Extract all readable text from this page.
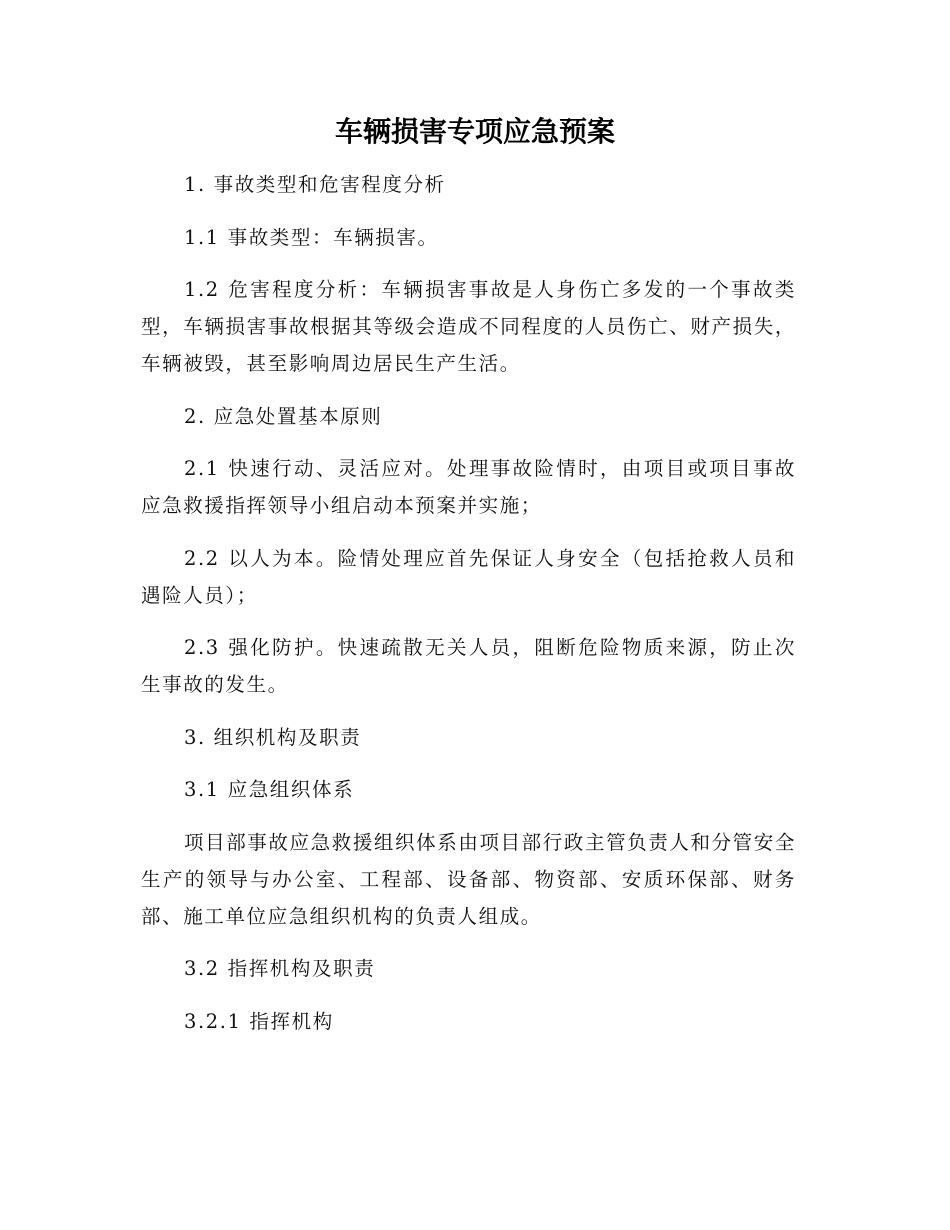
车辆损害专项应急预案

1. 事故类型和危害程度分析

1.1 事故类型：车辆损害。

1.2 危害程度分析：车辆损害事故是人身伤亡多发的一个事故类型，车辆损害事故根据其等级会造成不同程度的人员伤亡、财产损失，车辆被毁，甚至影响周边居民生产生活。

2. 应急处置基本原则

2.1 快速行动、灵活应对。处理事故险情时，由项目或项目事故应急救援指挥领导小组启动本预案并实施；

2.2 以人为本。险情处理应首先保证人身安全（包括抢救人员和遇险人员）；

2.3 强化防护。快速疏散无关人员，阻断危险物质来源，防止次生事故的发生。

3. 组织机构及职责

3.1 应急组织体系

项目部事故应急救援组织体系由项目部行政主管负责人和分管安全生产的领导与办公室、工程部、设备部、物资部、安质环保部、财务部、施工单位应急组织机构的负责人组成。

3.2 指挥机构及职责

3.2.1 指挥机构
